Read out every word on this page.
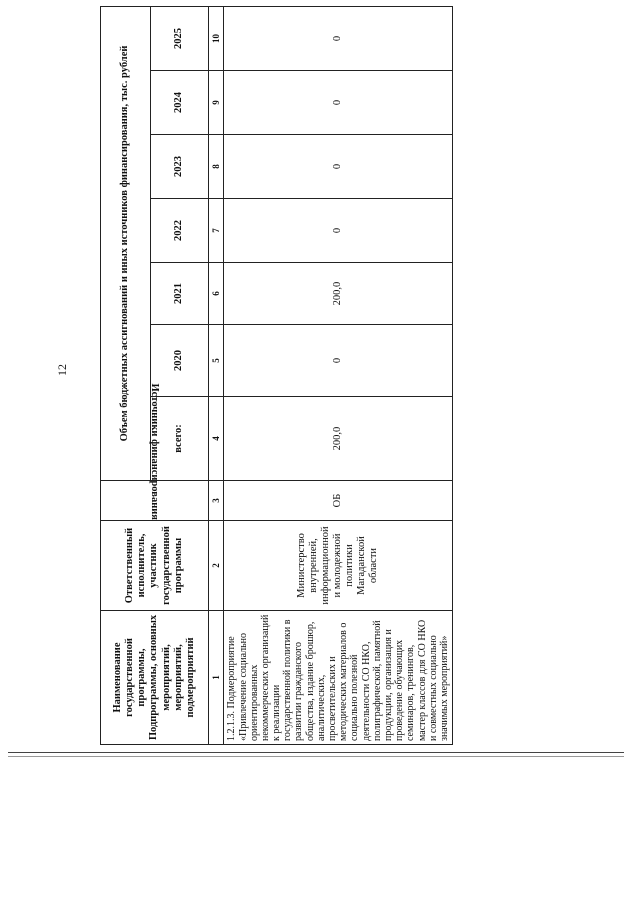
12
Наименование государственной программы, Подпрограммы, основных мероприятий, мероприятий, подмероприятий	Ответственный исполнитель, участник государственной программы	Источники финансирования	Объем бюджетных ассигнований и иных источников финансирования, тыс. рублей						
			всего:	2020	2021	2022	2023	2024	2025
1	2	3	4	5	6	7	8	9	10
1.2.1.3. Подмероприятие «Привлечение социально ориентированных некоммерческих организаций к реализации государственной политики в развитии гражданского общества, издание брошюр, аналитических, просветительских и методических материалов о социально полезной деятельности СО НКО, полиграфической, памятной продукции, организация и проведение обучающих семинаров, тренингов, мастер классов для СО НКО и совместных социально значимых мероприятий»	Министерство внутренней, информационной и молодежной политики Магаданской области	ОБ	200,0	0	200,0	0	0	0	0
